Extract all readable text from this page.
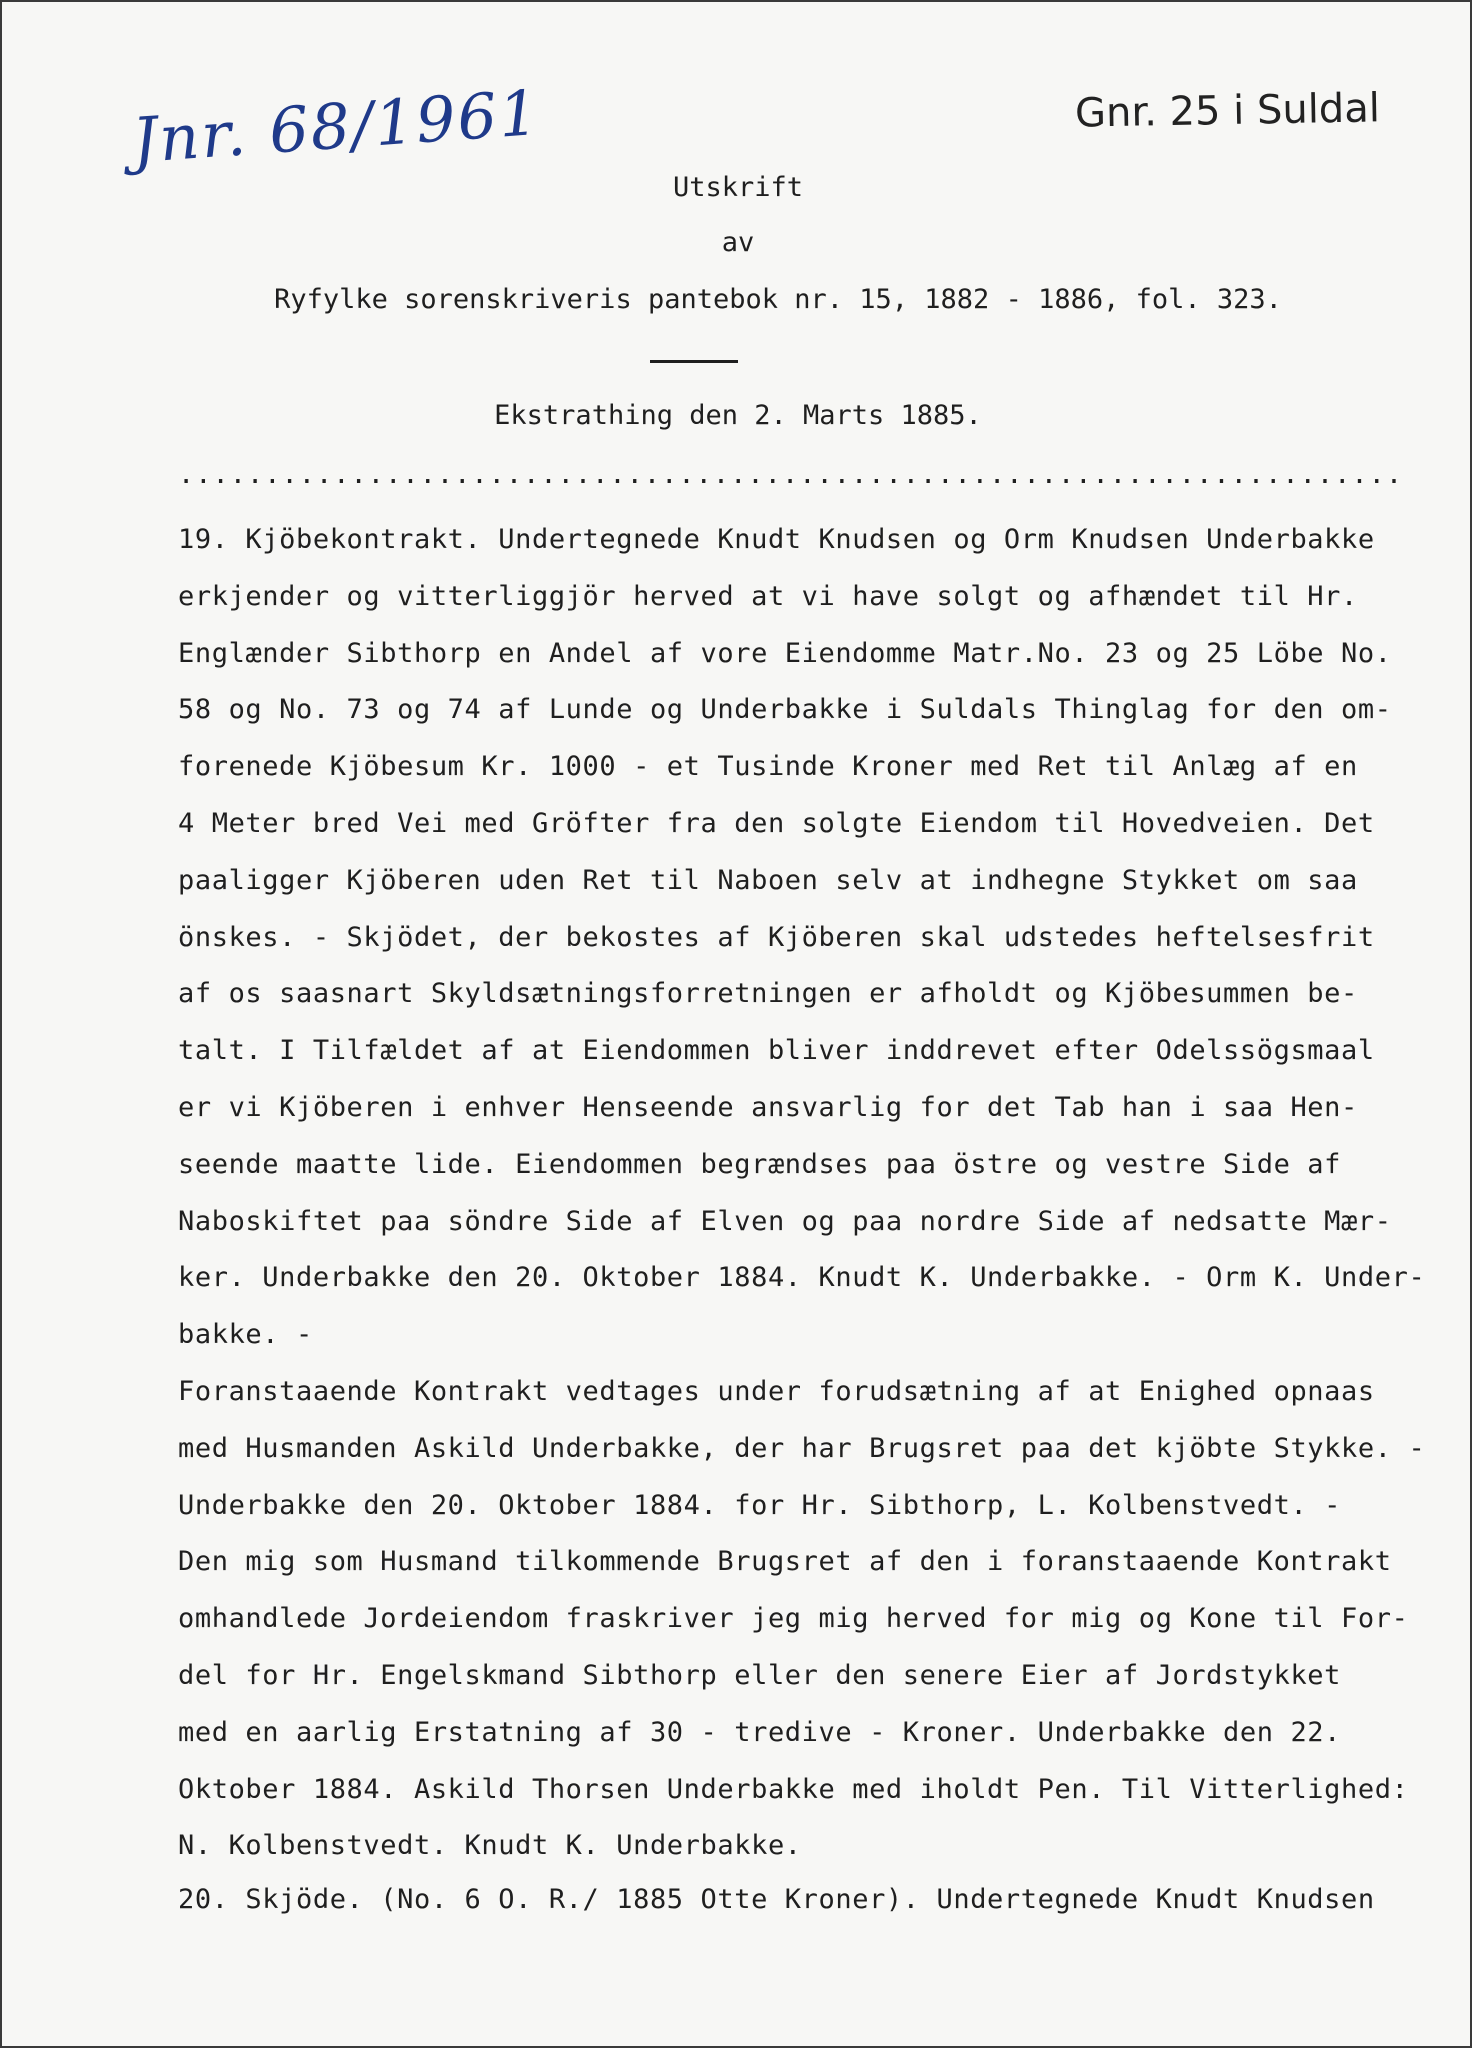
Jnr. 68/1961	Gnr. 25 i Suldal
Utskrift
av
Ryfylke sorenskriveris pantebok nr. 15, 1882 - 1886, fol. 323.
Ekstrathing den 2. Marts 1885.
.......................................................................
19. Kjöbekontrakt. Undertegnede Knudt Knudsen og Orm Knudsen Underbakke
erkjender og vitterliggjör herved at vi have solgt og afhændet til Hr.
Englænder Sibthorp en Andel af vore Eiendomme Matr.No. 23 og 25 Löbe No.
58 og No. 73 og 74 af Lunde og Underbakke i Suldals Thinglag for den om-
forenede Kjöbesum Kr. 1000 - et Tusinde Kroner med Ret til Anlæg af en
4 Meter bred Vei med Gröfter fra den solgte Eiendom til Hovedveien. Det
paaligger Kjöberen uden Ret til Naboen selv at indhegne Stykket om saa
önskes. - Skjödet, der bekostes af Kjöberen skal udstedes heftelsesfrit
af os saasnart Skyldsætningsforretningen er afholdt og Kjöbesummen be-
talt. I Tilfældet af at Eiendommen bliver inddrevet efter Odelssögsmaal
er vi Kjöberen i enhver Henseende ansvarlig for det Tab han i saa Hen-
seende maatte lide. Eiendommen begrændses paa östre og vestre Side af
Naboskiftet paa söndre Side af Elven og paa nordre Side af nedsatte Mær-
ker. Underbakke den 20. Oktober 1884. Knudt K. Underbakke. - Orm K. Under-
bakke. -
Foranstaaende Kontrakt vedtages under forudsætning af at Enighed opnaas
med Husmanden Askild Underbakke, der har Brugsret paa det kjöbte Stykke. -
Underbakke den 20. Oktober 1884. for Hr. Sibthorp, L. Kolbenstvedt. -
Den mig som Husmand tilkommende Brugsret af den i foranstaaende Kontrakt
omhandlede Jordeiendom fraskriver jeg mig herved for mig og Kone til For-
del for Hr. Engelskmand Sibthorp eller den senere Eier af Jordstykket
med en aarlig Erstatning af 30 - tredive - Kroner. Underbakke den 22.
Oktober 1884. Askild Thorsen Underbakke med iholdt Pen. Til Vitterlighed:
N. Kolbenstvedt. Knudt K. Underbakke.
20. Skjöde. (No. 6 O. R./ 1885 Otte Kroner). Undertegnede Knudt Knudsen
